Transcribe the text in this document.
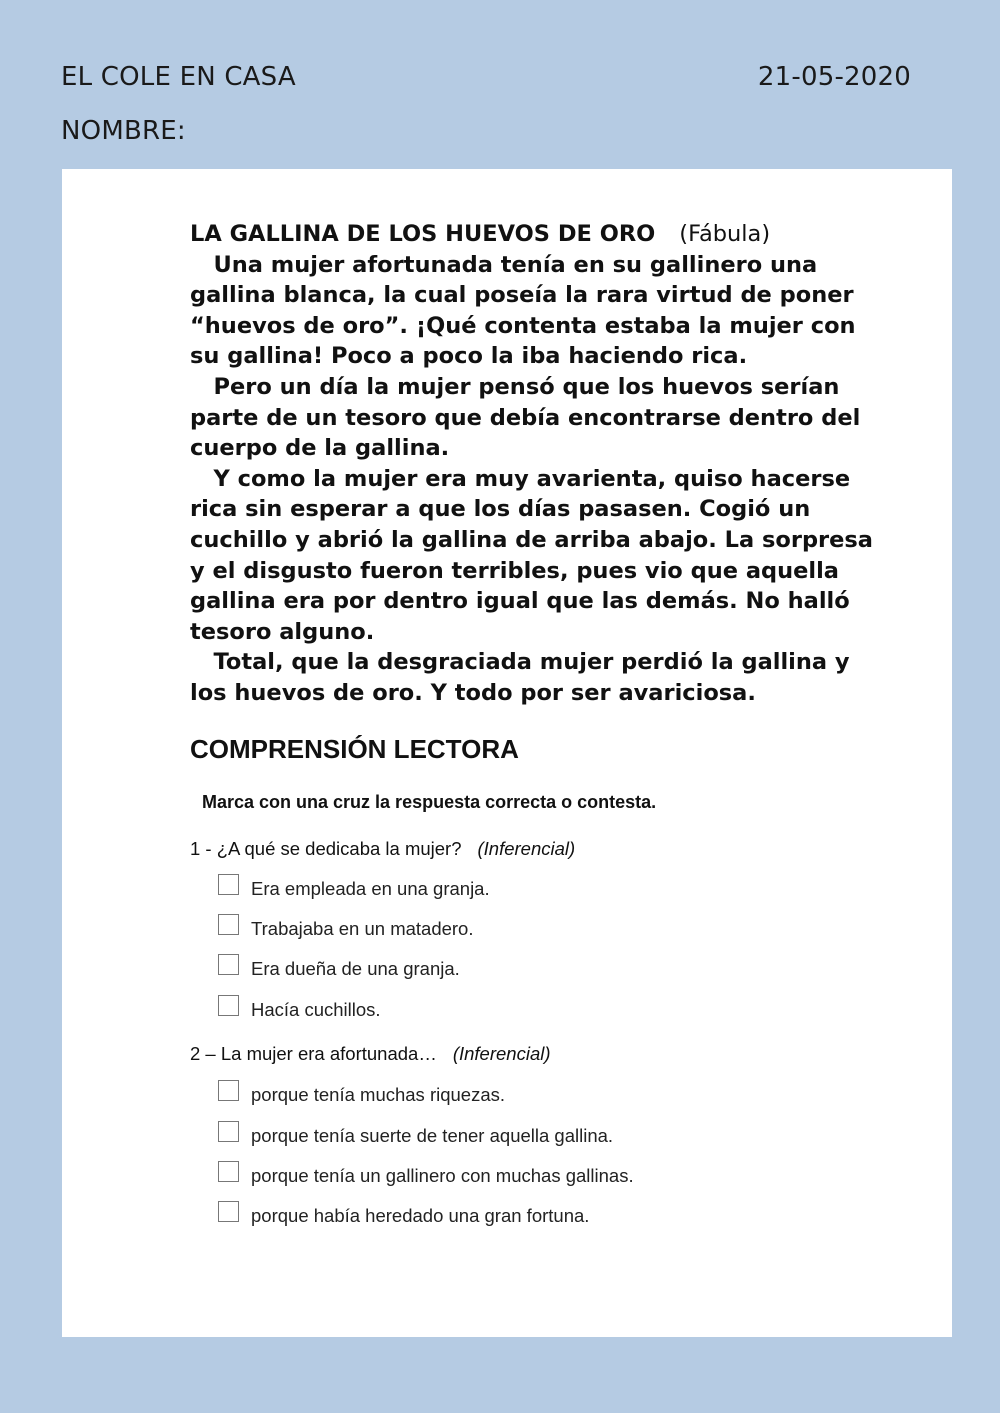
EL COLE EN CASA	21-05-2020
NOMBRE:
LA GALLINA DE LOS HUEVOS DE ORO (Fábula)
Una mujer afortunada tenía en su gallinero una
gallina blanca, la cual poseía la rara virtud de poner
“huevos de oro”. ¡Qué contenta estaba la mujer con
su gallina! Poco a poco la iba haciendo rica.
Pero un día la mujer pensó que los huevos serían
parte de un tesoro que debía encontrarse dentro del
cuerpo de la gallina.
Y como la mujer era muy avarienta, quiso hacerse
rica sin esperar a que los días pasasen. Cogió un
cuchillo y abrió la gallina de arriba abajo. La sorpresa
y el disgusto fueron terribles, pues vio que aquella
gallina era por dentro igual que las demás. No halló
tesoro alguno.
Total, que la desgraciada mujer perdió la gallina y
los huevos de oro. Y todo por ser avariciosa.
COMPRENSIÓN LECTORA
Marca con una cruz la respuesta correcta o contesta.
1 - ¿A qué se dedicaba la mujer? (Inferencial)
Era empleada en una granja.
Trabajaba en un matadero.
Era dueña de una granja.
Hacía cuchillos.
2 – La mujer era afortunada… (Inferencial)
porque tenía muchas riquezas.
porque tenía suerte de tener aquella gallina.
porque tenía un gallinero con muchas gallinas.
porque había heredado una gran fortuna.
